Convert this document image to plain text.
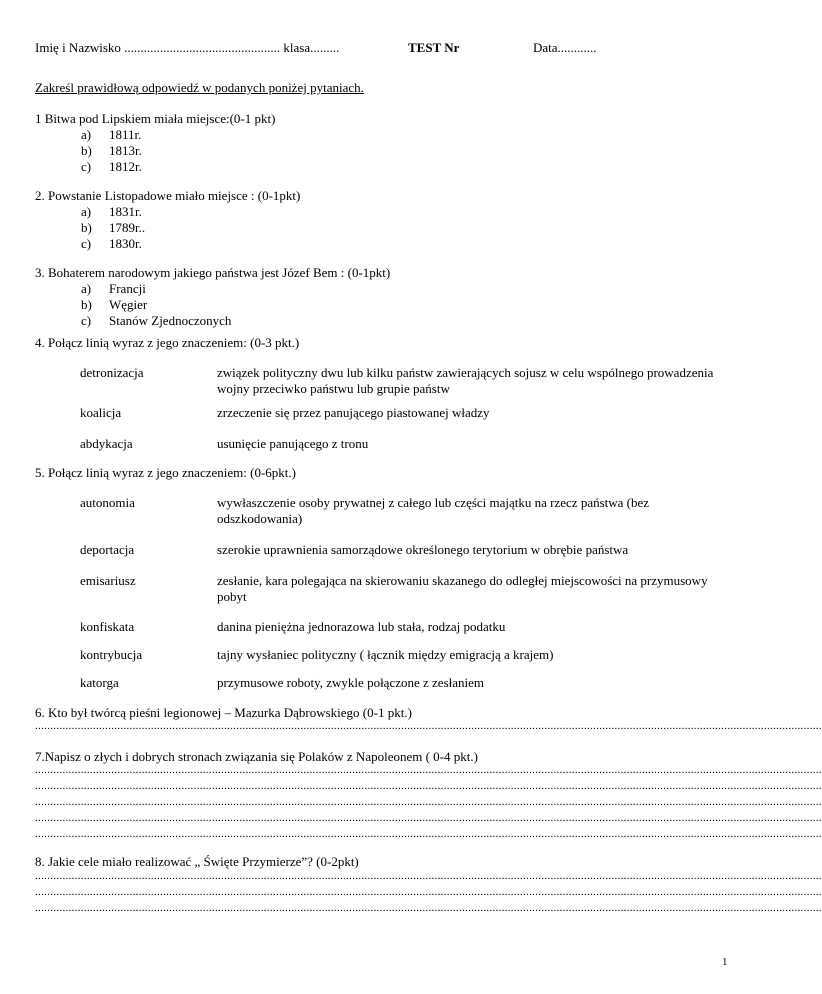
Imię i Nazwisko ................................................ klasa.........	TEST Nr	Data............
Zakreśl prawidłową odpowiedź w podanych poniżej pytaniach.
1 Bitwa pod Lipskiem miała miejsce:(0-1 pkt)
a) 1811r.
b) 1813r.
c) 1812r.
2. Powstanie Listopadowe miało miejsce : (0-1pkt)
a) 1831r.
b) 1789r..
c) 1830r.
3. Bohaterem narodowym jakiego państwa jest Józef Bem : (0-1pkt)
a) Francji
b) Węgier
c) Stanów Zjednoczonych
4. Połącz linią wyraz z jego znaczeniem: (0-3 pkt.)
detronizacja	związek polityczny dwu lub kilku państw zawierających sojusz w celu wspólnego prowadzenia wojny przeciwko państwu lub grupie państw
koalicja	zrzeczenie się przez panującego piastowanej władzy
abdykacja	usunięcie panującego z tronu
5. Połącz linią wyraz z jego znaczeniem: (0-6pkt.)
autonomia	wywłaszczenie osoby prywatnej z całego lub części majątku na rzecz państwa (bez odszkodowania)
deportacja	szerokie uprawnienia samorządowe określonego terytorium w obrębie państwa
emisariusz	zesłanie, kara polegająca na skierowaniu skazanego do odległej miejscowości na przymusowy pobyt
konfiskata	danina pieniężna jednorazowa lub stała, rodzaj podatku
kontrybucja	tajny wysłaniec polityczny ( łącznik między emigracją a krajem)
katorga	przymusowe roboty, zwykle połączone z zesłaniem
6. Kto był twórcą pieśni legionowej – Mazurka Dąbrowskiego (0-1 pkt.)
..................................................................................................................................................................................................................................................................
7.Napisz o złych i dobrych stronach związania się Polaków z Napoleonem ( 0-4 pkt.)
..................................................................................................................................................................................................................................................................
..................................................................................................................................................................................................................................................................
..................................................................................................................................................................................................................................................................
..................................................................................................................................................................................................................................................................
..................................................................................................................................................................................................................................................................
8. Jakie cele miało realizować „ Święte Przymierze”? (0-2pkt)
..................................................................................................................................................................................................................................................................
..................................................................................................................................................................................................................................................................
..................................................................................................................................................................................................................................................................
1
